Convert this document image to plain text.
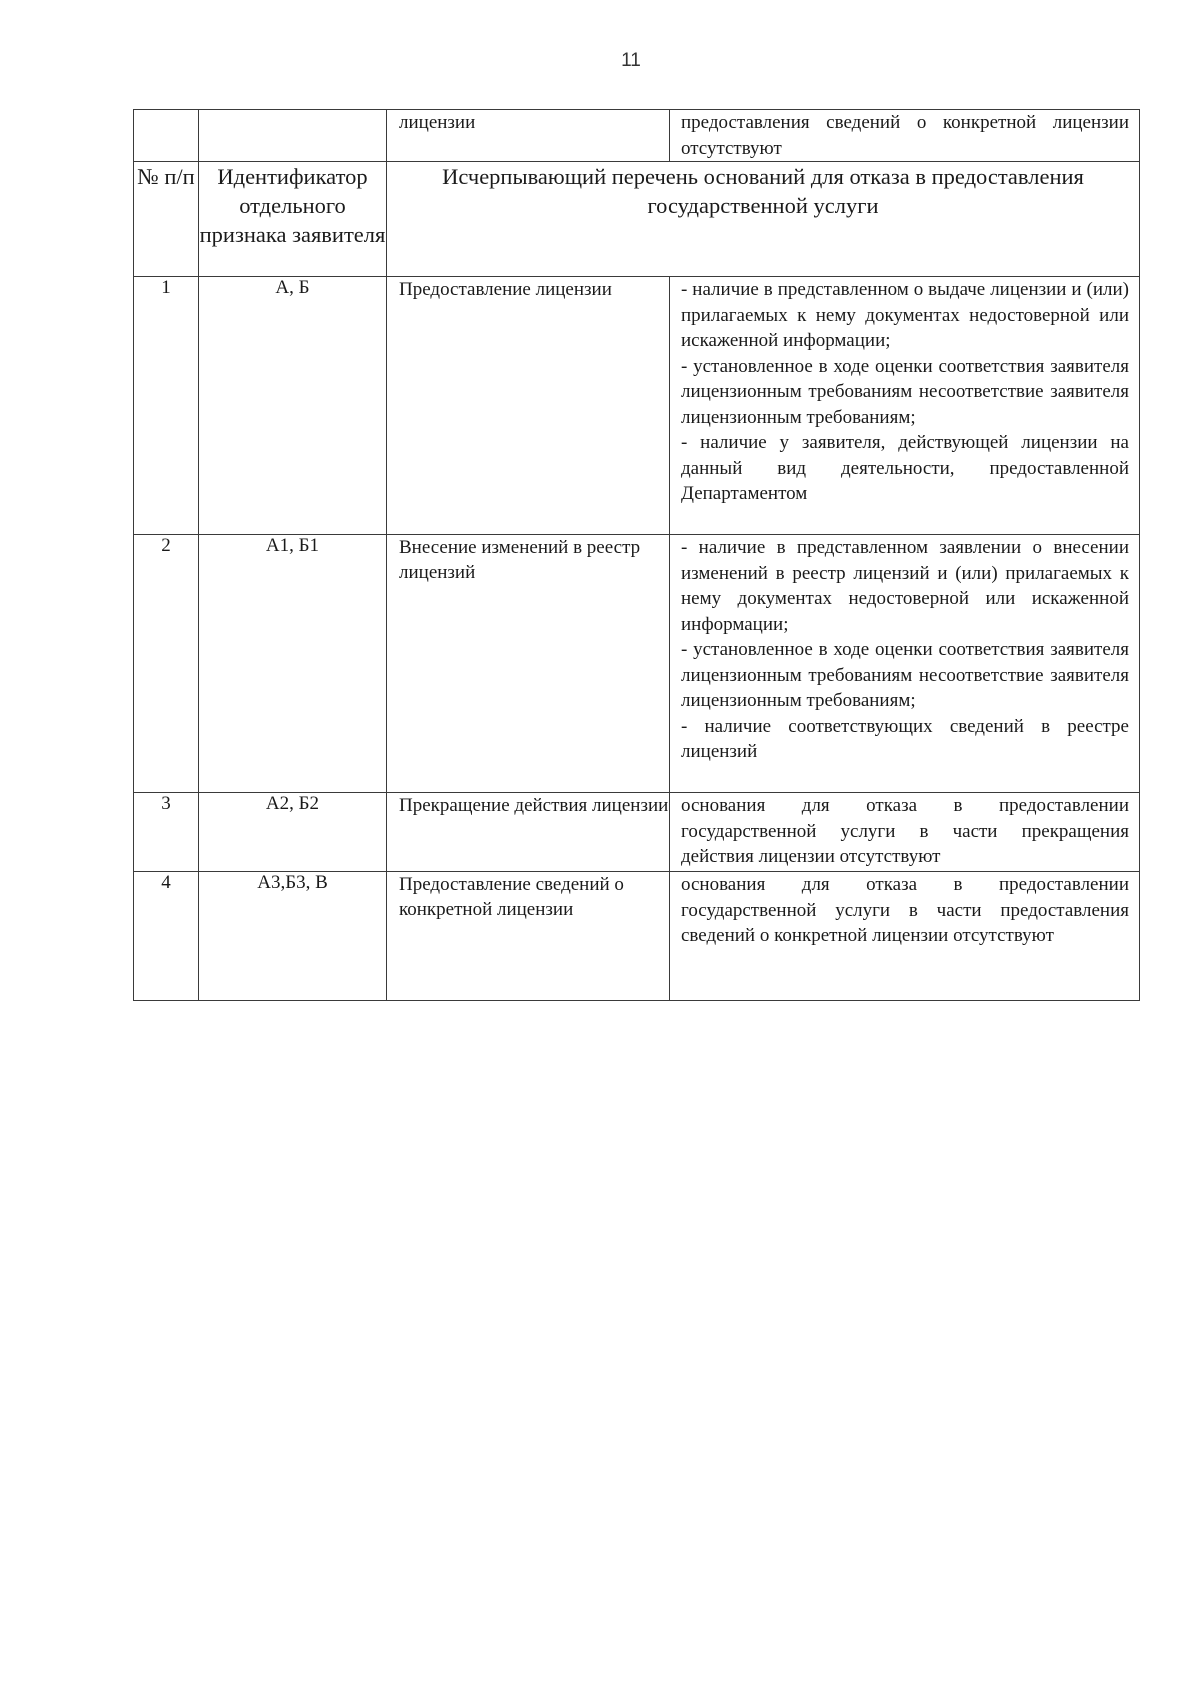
11
		лицензии	предоставления сведений о конкретной лицензии отсутствуют
№ п/п	Идентификатор отдельного признака заявителя	Исчерпывающий перечень оснований для отказа в предоставления государственной услуги	
1	А, Б	Предоставление лицензии	- наличие в представленном о выдаче лицензии и (или) прилагаемых к нему документах недостоверной или искаженной информации;
- установленное в ходе оценки соответствия заявителя лицензионным требованиям несоответствие заявителя лицензионным требованиям;
- наличие у заявителя, действующей лицензии на данный вид деятельности, предоставленной Департаментом

2	А1, Б1	Внесение изменений в реестр лицензий	- наличие в представленном заявлении о внесении изменений в реестр лицензий и (или) прилагаемых к нему документах недостоверной или искаженной информации;
- установленное в ходе оценки соответствия заявителя лицензионным требованиям несоответствие заявителя лицензионным требованиям;
- наличие соответствующих сведений в реестре лицензий

3	А2, Б2	Прекращение действия лицензии	основания для отказа в предоставлении государственной услуги в части прекращения действия лицензии отсутствуют

4	А3,Б3, В	Предоставление сведений о конкретной лицензии	основания для отказа в предоставлении государственной услуги в части предоставления сведений о конкретной лицензии отсутствуют
